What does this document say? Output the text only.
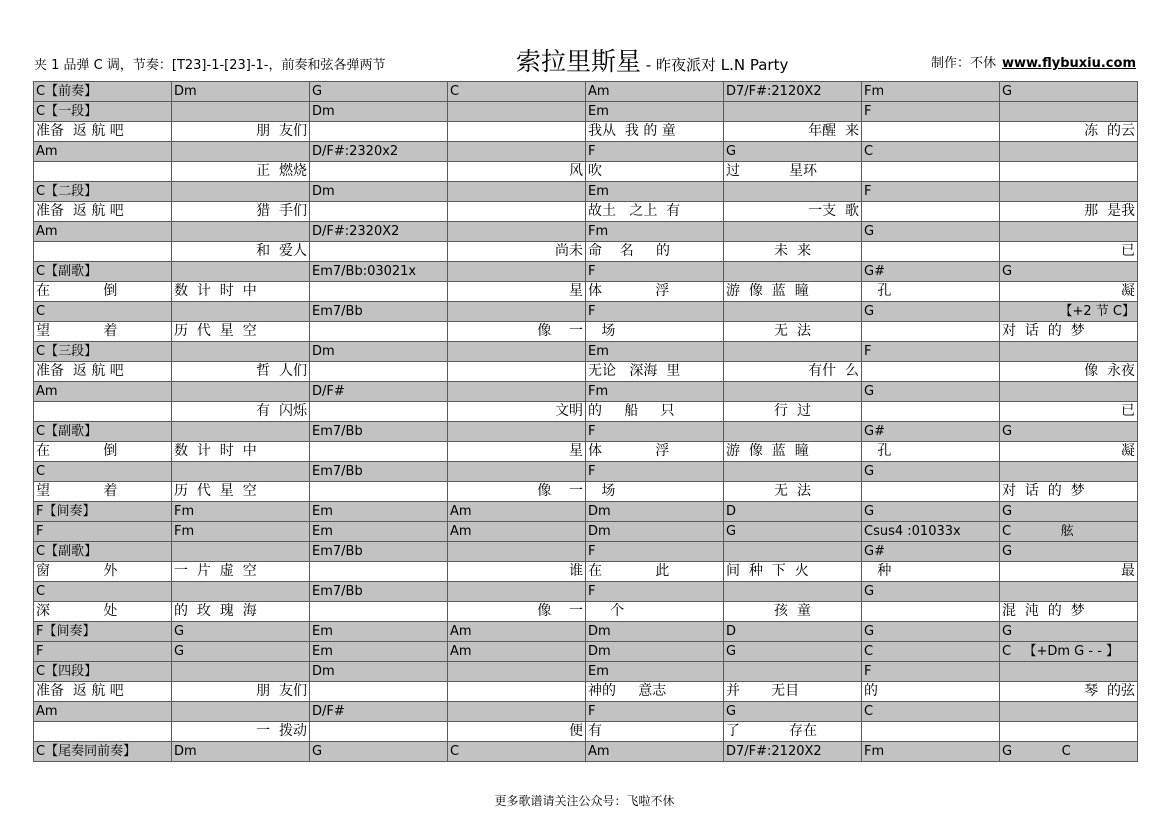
夹 1 品弹 C 调，节奏：[T23]-1-[23]-1-，前奏和弦各弹两节	索拉里斯星 - 昨夜派对 L.N Party	制作：不休 www.flybuxiu.com
C【前奏】	Dm	G	C	Am	D7/F#:2120X2	Fm	G
C【一段】		Dm		Em		F	
准备  返 航 吧	朋  友们			我从  我 的 童	年醒  来		冻  的云
Am		D/F#:2320x2		F	G	C	
	正  燃烧		风	吹	过           星环		
C【二段】		Dm		Em		F	
准备  返 航 吧	猎  手们			故土   之上  有	一支  歌		那  是我
Am		D/F#:2320X2		Fm		G	
	和  爱人		尚未	命    名     的	未  来		已
C【副歌】		Em7/Bb:03021x		F		G#	G
在            倒	数  计  时  中		星	体            浮	游  像  蓝  瞳	孔	凝
C		Em7/Bb		F		G	【+2 节 C】
望            着	历  代  星  空		像    一	场	无  法		对  话  的  梦
C【三段】		Dm		Em		F	
准备  返 航 吧	哲  人们			无论   深海  里	有什  么		像  永夜
Am		D/F#		Fm		G	
	有  闪烁		文明	的     船     只	行  过		已
C【副歌】		Em7/Bb		F		G#	G
在            倒	数  计  时  中		星	体            浮	游  像  蓝  瞳	孔	凝
C		Em7/Bb		F		G	
望            着	历  代  星  空		像    一	场	无  法		对  话  的  梦
F【间奏】	Fm	Em	Am	Dm	D	G	G
F	Fm	Em	Am	Dm	G	Csus4 :01033x	C            舷
C【副歌】		Em7/Bb		F		G#	G
窗            外	一  片  虚  空		谁	在            此	间  种  下  火	种	最
C		Em7/Bb		F		G	
深            处	的  玫  瑰  海		像    一	个	孩  童		混  沌  的  梦
F【间奏】	G	Em	Am	Dm	D	G	G
F	G	Em	Am	Dm	G	C	C   【+Dm G - - 】
C【四段】		Dm		Em		F	
准备  返 航 吧	朋  友们			神的     意志	并       无目	的	琴  的弦
Am		D/F#		F	G	C	
	一  拨动		便	有	了           存在		
C【尾奏同前奏】	Dm	G	C	Am	D7/F#:2120X2	Fm	G            C
更多歌谱请关注公众号：飞啦不休
